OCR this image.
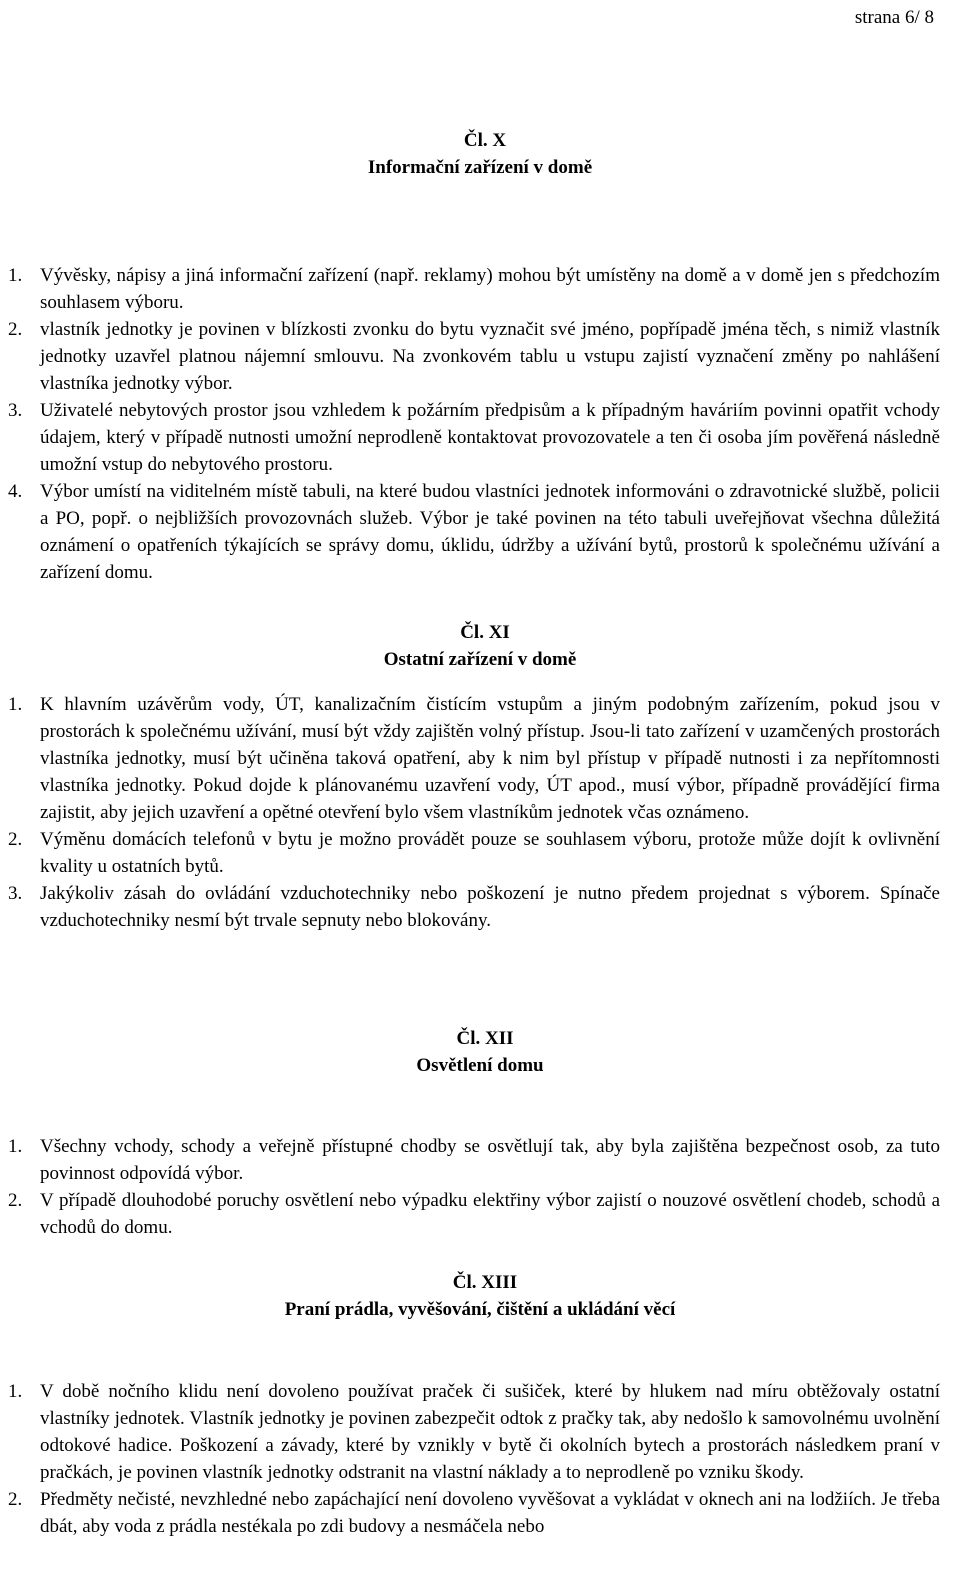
strana 6/ 8
Čl. X
Informační zařízení v domě
1. Vývěsky, nápisy a jiná informační zařízení (např. reklamy) mohou být umístěny na domě a v domě jen s předchozím souhlasem výboru.
2. vlastník jednotky je povinen v blízkosti zvonku do bytu vyznačit své jméno, popřípadě jména těch, s nimiž vlastník jednotky uzavřel platnou nájemní smlouvu. Na zvonkovém tablu u vstupu zajistí vyznačení změny po nahlášení vlastníka jednotky výbor.
3. Uživatelé nebytových prostor jsou vzhledem k požárním předpisům a k případným haváriím povinni opatřit vchody údajem, který v případě nutnosti umožní neprodleně kontaktovat provozovatele a ten či osoba jím pověřená následně umožní vstup do nebytového prostoru.
4. Výbor umístí na viditelném místě tabuli, na které budou vlastníci jednotek informováni o zdravotnické službě, policii a PO, popř. o nejbližších provozovnách služeb. Výbor je také povinen na této tabuli uveřejňovat všechna důležitá oznámení o opatřeních týkajících se správy domu, úklidu, údržby a užívání bytů, prostorů k společnému užívání a zařízení domu.
Čl. XI
Ostatní zařízení v domě
1. K hlavním uzávěrům vody, ÚT, kanalizačním čistícím vstupům a jiným podobným zařízením, pokud jsou v prostorách k společnému užívání, musí být vždy zajištěn volný přístup. Jsou-li tato zařízení v uzamčených prostorách vlastníka jednotky, musí být učiněna taková opatření, aby k nim byl přístup v případě nutnosti i za nepřítomnosti vlastníka jednotky. Pokud dojde k plánovanému uzavření vody, ÚT apod., musí výbor, případně provádějící firma zajistit, aby jejich uzavření a opětné otevření bylo všem vlastníkům jednotek včas oznámeno.
2. Výměnu domácích telefonů v bytu je možno provádět pouze se souhlasem výboru, protože může dojít k ovlivnění kvality u ostatních bytů.
3. Jakýkoliv zásah do ovládání vzduchotechniky nebo poškození je nutno předem projednat s výborem. Spínače vzduchotechniky nesmí být trvale sepnuty nebo blokovány.
Čl. XII
Osvětlení domu
1. Všechny vchody, schody a veřejně přístupné chodby se osvětlují tak, aby byla zajištěna bezpečnost osob, za tuto povinnost odpovídá výbor.
2. V případě dlouhodobé poruchy osvětlení nebo výpadku elektřiny výbor zajistí o nouzové osvětlení chodeb, schodů a vchodů do domu.
Čl. XIII
Praní prádla, vyvěšování, čištění a ukládání věcí
1. V době nočního klidu není dovoleno používat praček či sušiček, které by hlukem nad míru obtěžovaly ostatní vlastníky jednotek. Vlastník jednotky je povinen zabezpečit odtok z pračky tak, aby nedošlo k samovolnému uvolnění odtokové hadice. Poškození a závady, které by vznikly v bytě či okolních bytech a prostorách následkem praní v pračkách, je povinen vlastník jednotky odstranit na vlastní náklady a to neprodleně po vzniku škody.
2. Předměty nečisté, nevzhledné nebo zapáchající není dovoleno vyvěšovat a vykládat v oknech ani na lodžiích. Je třeba dbát, aby voda z prádla nestékala po zdi budovy a nesmáčela nebo
